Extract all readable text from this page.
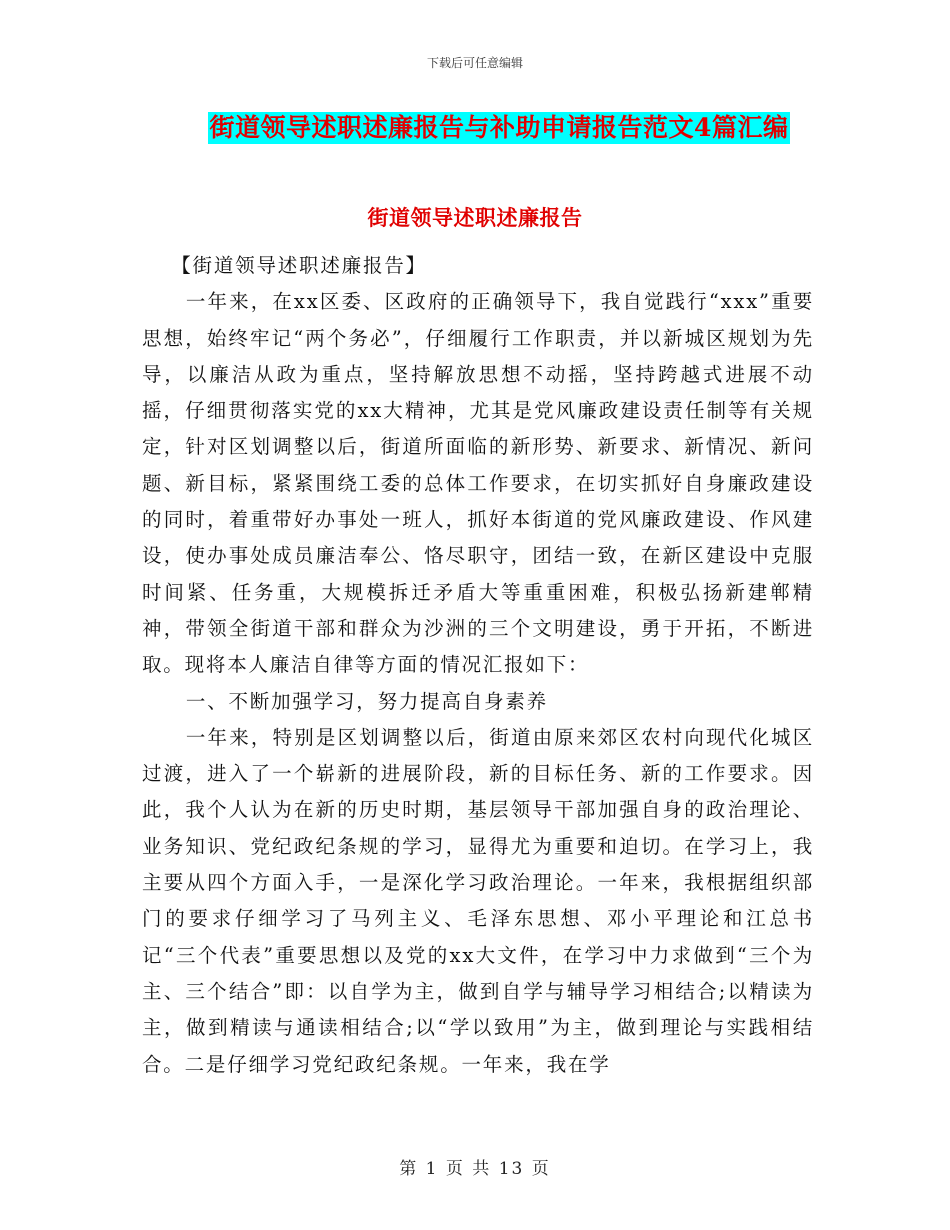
下载后可任意编辑
街道领导述职述廉报告与补助申请报告范文4篇汇编
街道领导述职述廉报告

【街道领导述职述廉报告】

一年来，在xx区委、区政府的正确领导下，我自觉践行“xxx”重要思想，始终牢记“两个务必”，仔细履行工作职责，并以新城区规划为先导，以廉洁从政为重点，坚持解放思想不动摇，坚持跨越式进展不动摇，仔细贯彻落实党的xx大精神，尤其是党风廉政建设责任制等有关规定，针对区划调整以后，街道所面临的新形势、新要求、新情况、新问题、新目标，紧紧围绕工委的总体工作要求，在切实抓好自身廉政建设的同时，着重带好办事处一班人，抓好本街道的党风廉政建设、作风建设，使办事处成员廉洁奉公、恪尽职守，团结一致，在新区建设中克服时间紧、任务重，大规模拆迁矛盾大等重重困难，积极弘扬新建郸精神，带领全街道干部和群众为沙洲的三个文明建设，勇于开拓，不断进取。现将本人廉洁自律等方面的情况汇报如下：

一、不断加强学习，努力提高自身素养

一年来，特别是区划调整以后，街道由原来郊区农村向现代化城区过渡，进入了一个崭新的进展阶段，新的目标任务、新的工作要求。因此，我个人认为在新的历史时期，基层领导干部加强自身的政治理论、业务知识、党纪政纪条规的学习，显得尤为重要和迫切。在学习上，我主要从四个方面入手，一是深化学习政治理论。一年来，我根据组织部门的要求仔细学习了马列主义、毛泽东思想、邓小平理论和江总书记“三个代表”重要思想以及党的xx大文件，在学习中力求做到“三个为主、三个结合”即：以自学为主，做到自学与辅导学习相结合;以精读为主，做到精读与通读相结合;以“学以致用”为主，做到理论与实践相结合。二是仔细学习党纪政纪条规。一年来，我在学

第 1 页 共 13 页
